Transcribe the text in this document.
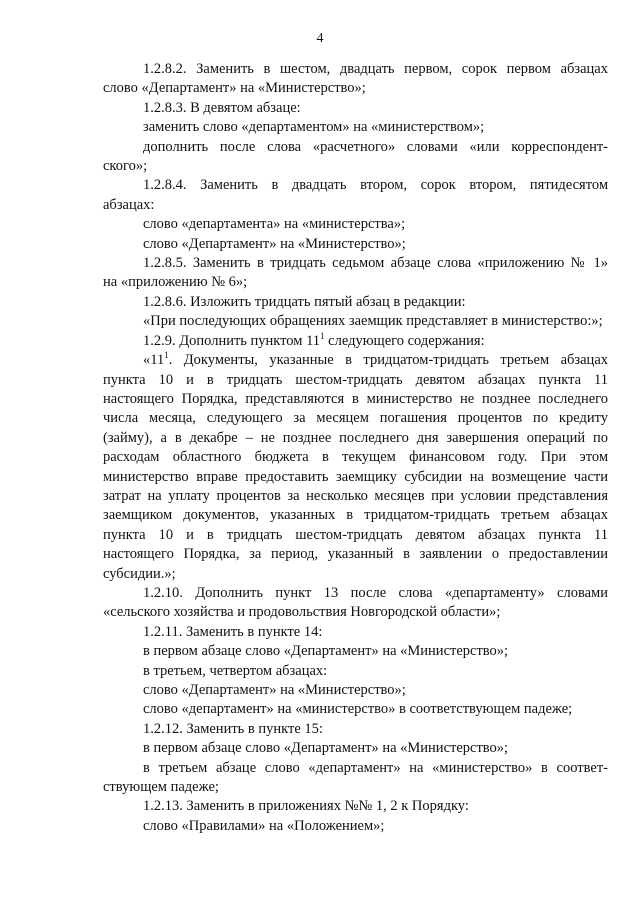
4
1.2.8.2. Заменить в шестом, двадцать первом, сорок первом абзацах
слово «Департамент» на «Министерство»;
1.2.8.3. В девятом абзаце:
заменить слово «департаментом» на «министерством»;
дополнить после слова «расчетного» словами «или корреспондент-
ского»;
1.2.8.4. Заменить в двадцать втором, сорок втором, пятидесятом
абзацах:
слово «департамента» на «министерства»;
слово «Департамент» на «Министерство»;
1.2.8.5. Заменить в тридцать седьмом абзаце слова «приложению № 1»
на «приложению № 6»;
1.2.8.6. Изложить тридцать пятый абзац в редакции:
«При последующих обращениях заемщик представляет в министерство:»;
1.2.9. Дополнить пунктом $11^1$ следующего содержания:
«$11^1$. Документы, указанные в тридцатом-тридцать третьем абзацах
пункта 10 и в тридцать шестом-тридцать девятом абзацах пункта 11
настоящего Порядка, представляются в министерство не позднее последнего
числа месяца, следующего за месяцем погашения процентов по кредиту
(займу), а в декабре – не позднее последнего дня завершения операций по
расходам областного бюджета в текущем финансовом году. При этом
министерство вправе предоставить заемщику субсидии на возмещение части
затрат на уплату процентов за несколько месяцев при условии представления
заемщиком документов, указанных в тридцатом-тридцать третьем абзацах
пункта 10 и в тридцать шестом-тридцать девятом абзацах пункта 11
настоящего Порядка, за период, указанный в заявлении о предоставлении
субсидии.»;
1.2.10. Дополнить пункт 13 после слова «департаменту» словами
«сельского хозяйства и продовольствия Новгородской области»;
1.2.11. Заменить в пункте 14:
в первом абзаце слово «Департамент» на «Министерство»;
в третьем, четвертом абзацах:
слово «Департамент» на «Министерство»;
слово «департамент» на «министерство» в соответствующем падеже;
1.2.12. Заменить в пункте 15:
в первом абзаце слово «Департамент» на «Министерство»;
в третьем абзаце слово «департамент» на «министерство» в соответ-
ствующем падеже;
1.2.13. Заменить в приложениях №№ 1, 2 к Порядку:
слово «Правилами» на «Положением»;
